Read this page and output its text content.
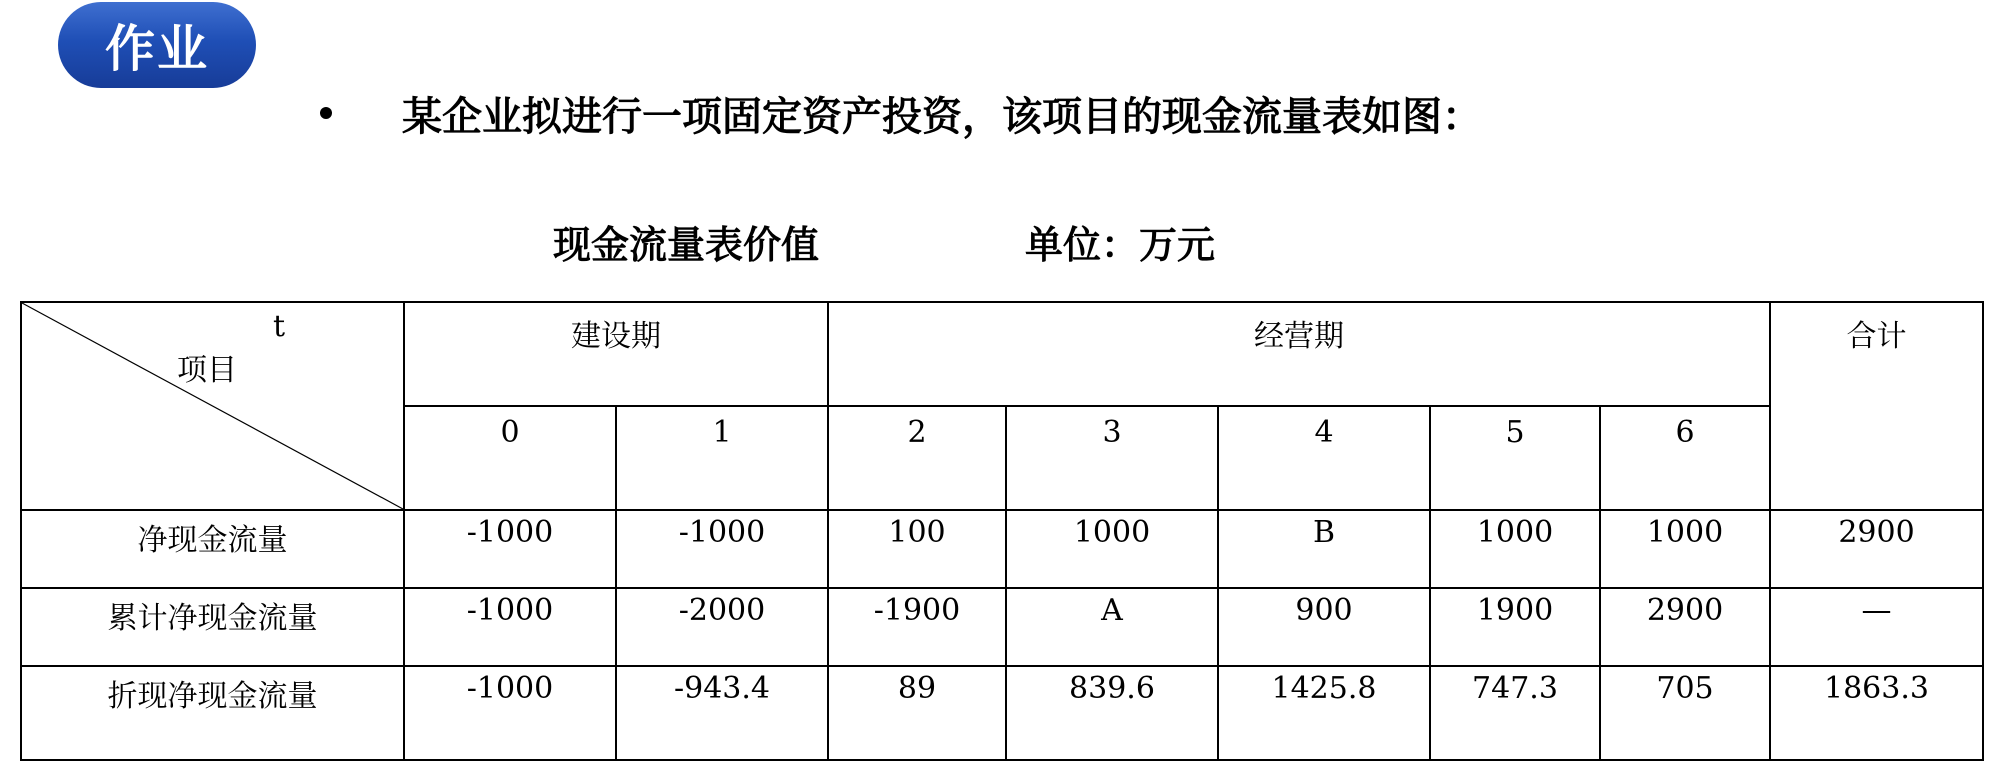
作业
某企业拟进行一项固定资产投资，该项目的现金流量表如图：
现金流量表价值	单位：万元
t
项目	建设期		经营期					合计
	0	1	2	3	4	5	6	
净现金流量	-1000	-1000	100	1000	B	1000	1000	2900
累计净现金流量	-1000	-2000	-1900	A	900	1900	2900	—
折现净现金流量	-1000	-943.4	89	839.6	1425.8	747.3	705	1863.3
